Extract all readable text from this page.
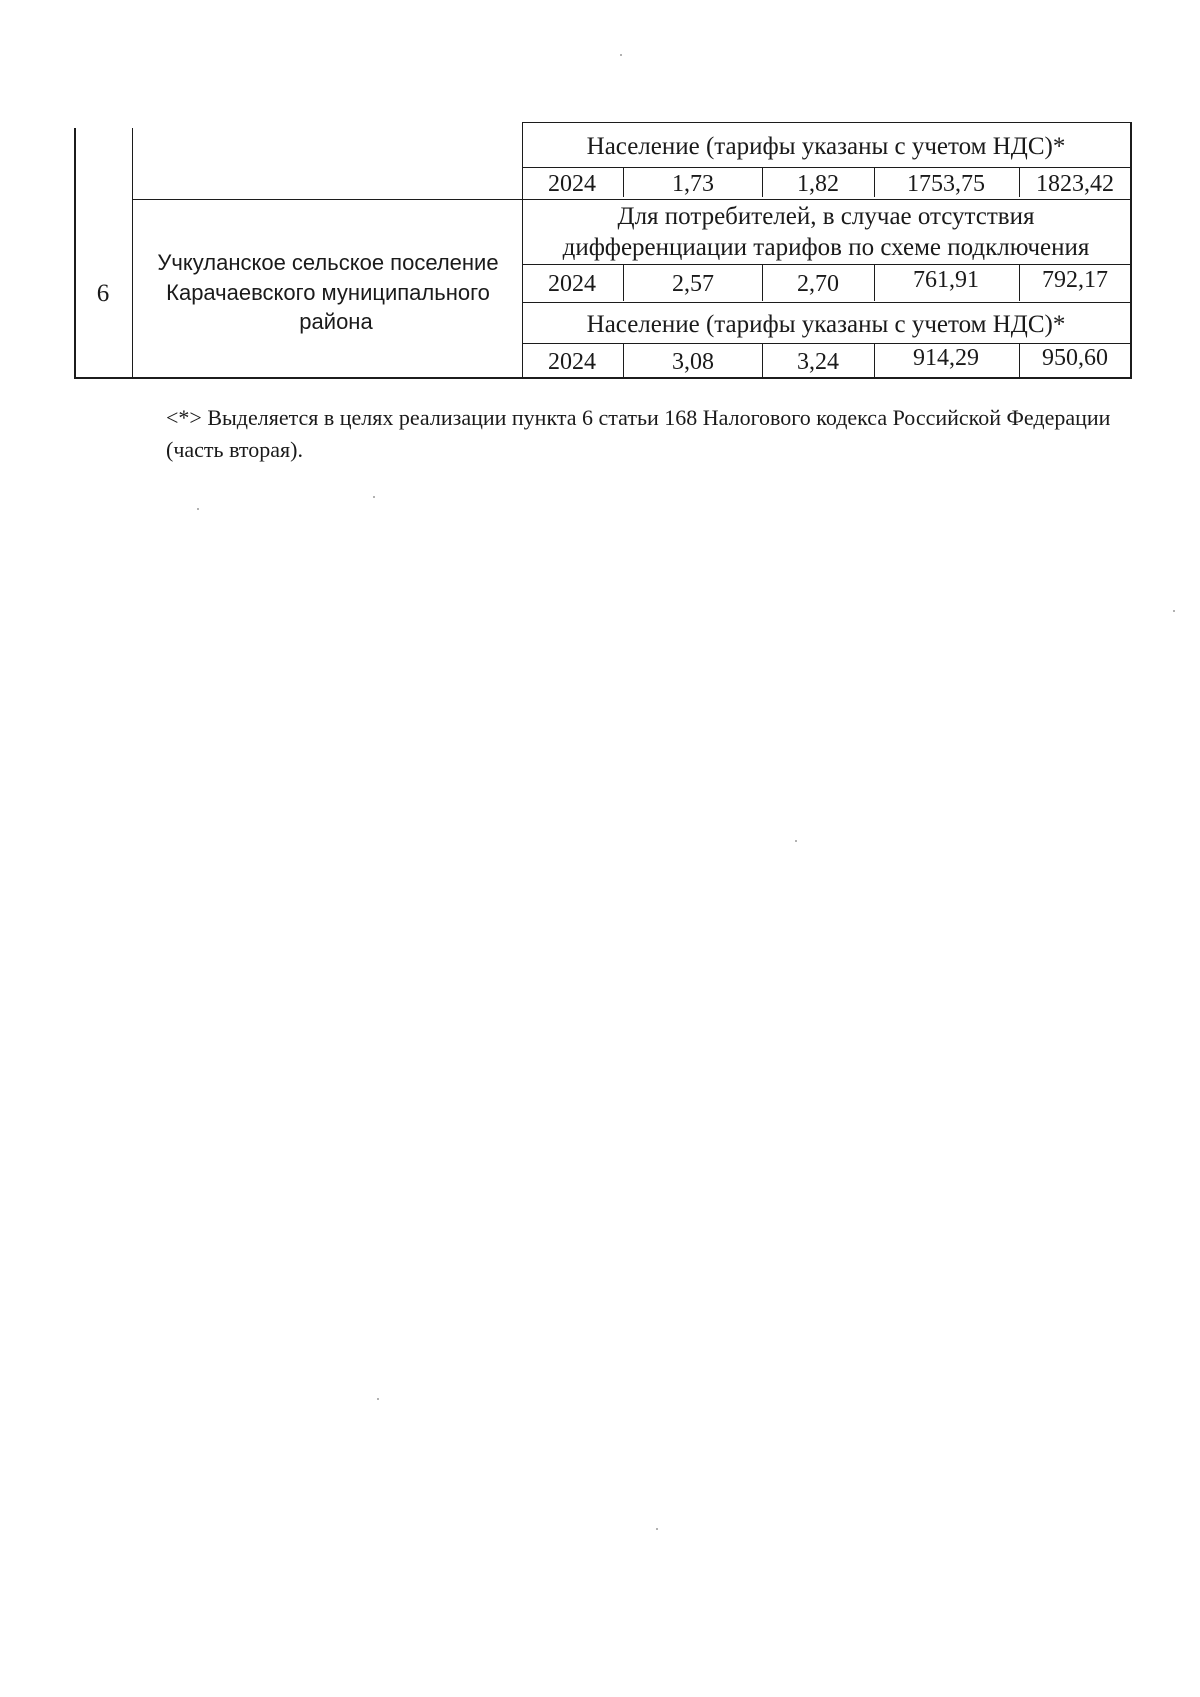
6
Учкуланское сельское поселение
Карачаевского муниципального
района
Население (тарифы указаны с учетом НДС)*
2024	1,73	1,82	1753,75 1823,42
Для потребителей, в случае отсутствия
дифференциации тарифов по схеме подключения
2024	2,57	2,70	761,91	792,17
Население (тарифы указаны с учетом НДС)*
2024	3,08	3,24	914,29	950,60
<*> Выделяется в целях реализации пункта 6 статьи 168 Налогового кодекса Российской Федерации (часть вторая).
